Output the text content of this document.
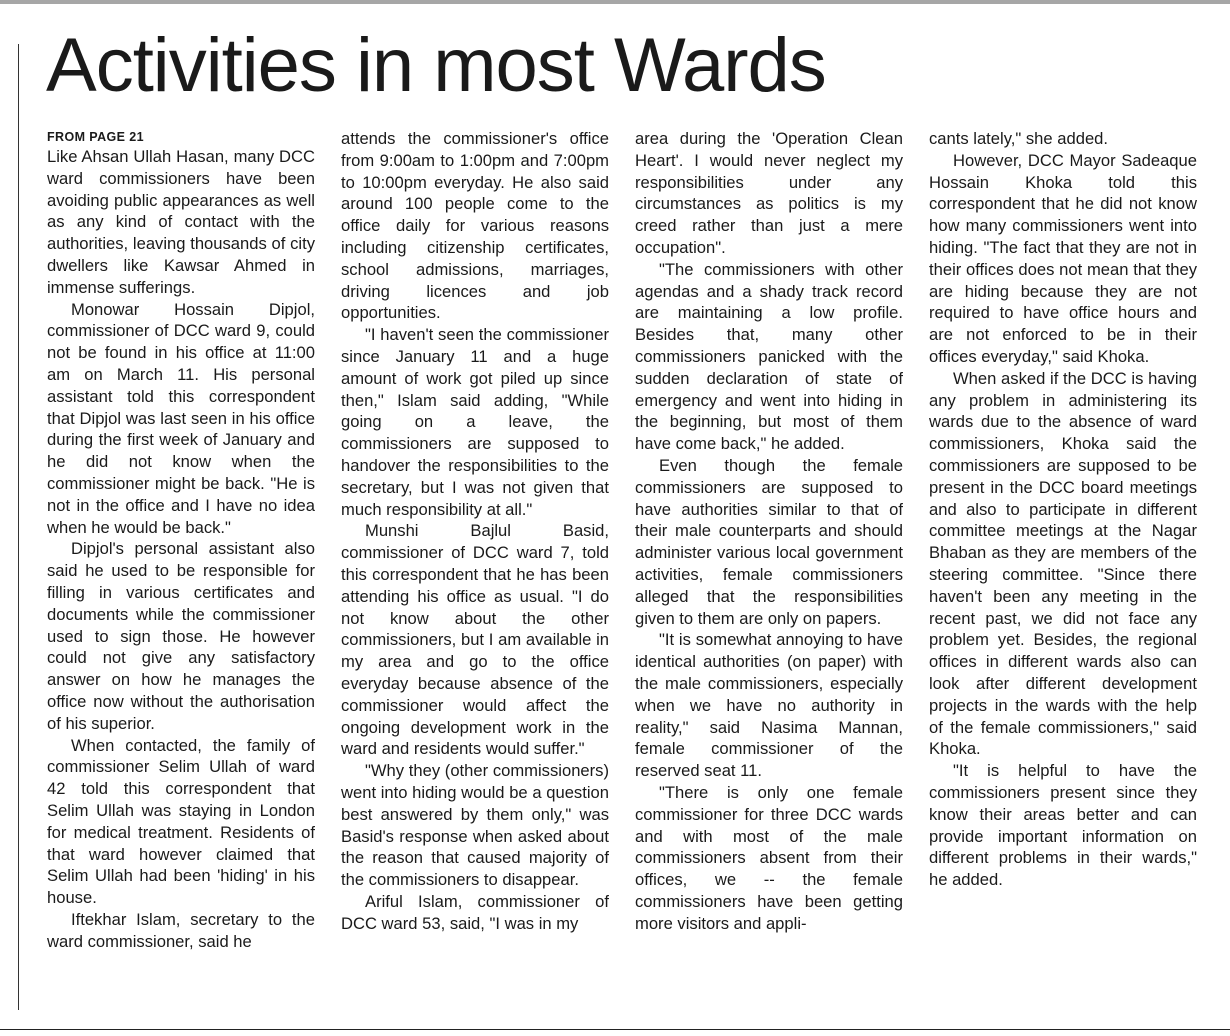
Activities in most Wards
FROM PAGE 21

Like Ahsan Ullah Hasan, many DCC ward commissioners have been avoiding public appearances as well as any kind of contact with the authorities, leaving thousands of city dwellers like Kawsar Ahmed in immense sufferings.

Monowar Hossain Dipjol, commissioner of DCC ward 9, could not be found in his office at 11:00 am on March 11. His personal assistant told this correspondent that Dipjol was last seen in his office during the first week of January and he did not know when the commissioner might be back. "He is not in the office and I have no idea when he would be back."

Dipjol's personal assistant also said he used to be responsible for filling in various certificates and documents while the commissioner used to sign those. He however could not give any satisfactory answer on how he manages the office now without the authorisation of his superior.

When contacted, the family of commissioner Selim Ullah of ward 42 told this correspondent that Selim Ullah was staying in London for medical treatment. Residents of that ward however claimed that Selim Ullah had been 'hiding' in his house.

Iftekhar Islam, secretary to the ward commissioner, said he

attends the commissioner's office from 9:00am to 1:00pm and 7:00pm to 10:00pm everyday. He also said around 100 people come to the office daily for various reasons including citizenship certificates, school admissions, marriages, driving licences and job opportunities.

"I haven't seen the commissioner since January 11 and a huge amount of work got piled up since then," Islam said adding, "While going on a leave, the commissioners are supposed to handover the responsibilities to the secretary, but I was not given that much responsibility at all."

Munshi Bajlul Basid, commissioner of DCC ward 7, told this correspondent that he has been attending his office as usual. "I do not know about the other commissioners, but I am available in my area and go to the office everyday because absence of the commissioner would affect the ongoing development work in the ward and residents would suffer."

"Why they (other commissioners) went into hiding would be a question best answered by them only," was Basid's response when asked about the reason that caused majority of the commissioners to disappear.

Ariful Islam, commissioner of DCC ward 53, said, "I was in my

area during the 'Operation Clean Heart'. I would never neglect my responsibilities under any circumstances as politics is my creed rather than just a mere occupation".

"The commissioners with other agendas and a shady track record are maintaining a low profile. Besides that, many other commissioners panicked with the sudden declaration of state of emergency and went into hiding in the beginning, but most of them have come back," he added.

Even though the female commissioners are supposed to have authorities similar to that of their male counterparts and should administer various local government activities, female commissioners alleged that the responsibilities given to them are only on papers.

"It is somewhat annoying to have identical authorities (on paper) with the male commissioners, especially when we have no authority in reality," said Nasima Mannan, female commissioner of the reserved seat 11.

"There is only one female commissioner for three DCC wards and with most of the male commissioners absent from their offices, we -- the female commissioners have been getting more visitors and appli-

cants lately," she added.

However, DCC Mayor Sadeaque Hossain Khoka told this correspondent that he did not know how many commissioners went into hiding. "The fact that they are not in their offices does not mean that they are hiding because they are not required to have office hours and are not enforced to be in their offices everyday," said Khoka.

When asked if the DCC is having any problem in administering its wards due to the absence of ward commissioners, Khoka said the commissioners are supposed to be present in the DCC board meetings and also to participate in different committee meetings at the Nagar Bhaban as they are members of the steering committee. "Since there haven't been any meeting in the recent past, we did not face any problem yet. Besides, the regional offices in different wards also can look after different development projects in the wards with the help of the female commissioners," said Khoka.

"It is helpful to have the commissioners present since they know their areas better and can provide important information on different problems in their wards," he added.
